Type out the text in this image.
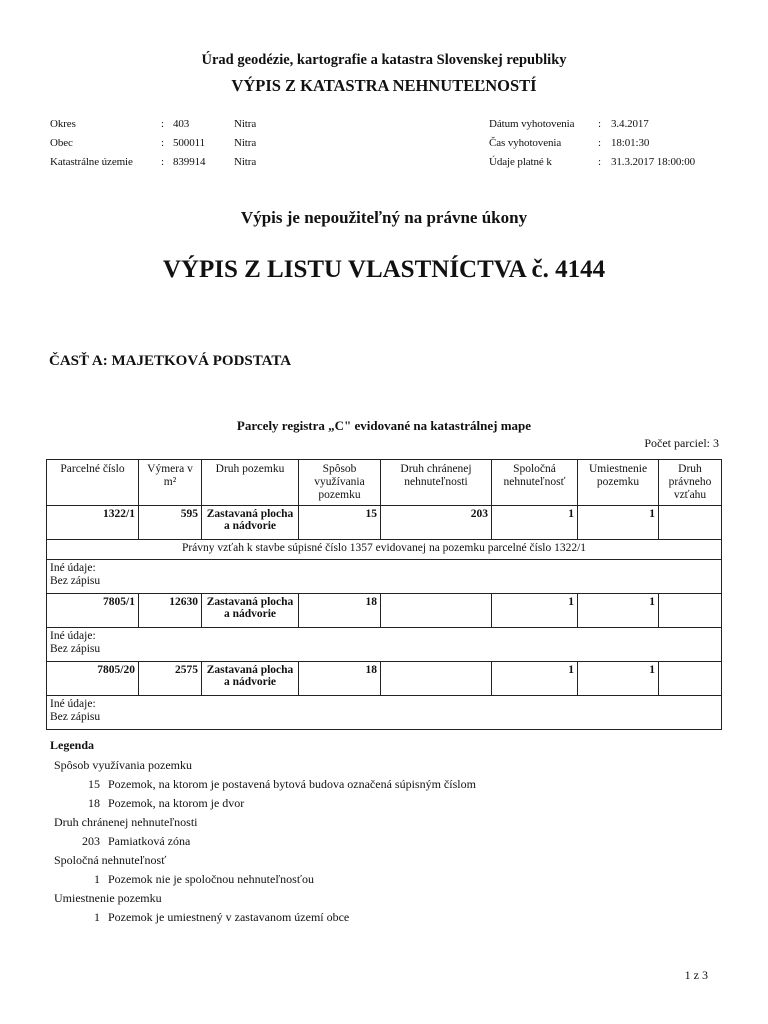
Úrad geodézie, kartografie a katastra Slovenskej republiky
VÝPIS Z KATASTRA NEHNUTEĽNOSTÍ
Okres	: 403	Nitra
Obec	: 500011	Nitra
Katastrálne územie	: 839914	Nitra
Dátum vyhotovenia : 3.4.2017
Čas vyhotovenia	: 18:01:30
Údaje platné k	: 31.3.2017 18:00:00
Výpis je nepoužiteľný na právne úkony
VÝPIS Z LISTU VLASTNÍCTVA č. 4144
ČASŤ A: MAJETKOVÁ PODSTATA
Parcely registra „C" evidované na katastrálnej mape
Počet parciel: 3
Parcelné číslo	Výmera v m²	Druh pozemku	Spôsob využívania pozemku	Druh chránenej nehnuteľnosti	Spoločná nehnuteľnosť	Umiestnenie pozemku	Druh právneho vzťahu
1322/1	595	Zastavaná plocha
a nádvorie	15	203	1	1	
Právny vzťah k stavbe súpisné číslo 1357 evidovanej na pozemku parcelné číslo 1322/1							
Iné údaje:
Bez zápisu							
7805/1	12630	Zastavaná plocha
a nádvorie	18		1	1	
Iné údaje:
Bez zápisu							
7805/20	2575	Zastavaná plocha
a nádvorie	18		1	1	
Iné údaje:
Bez zápisu							
Legenda
Spôsob využívania pozemku
15 Pozemok, na ktorom je postavená bytová budova označená súpisným číslom
18 Pozemok, na ktorom je dvor
Druh chránenej nehnuteľnosti
203 Pamiatková zóna
Spoločná nehnuteľnosť
1 Pozemok nie je spoločnou nehnuteľnosťou
Umiestnenie pozemku
1 Pozemok je umiestnený v zastavanom území obce
1 z 3
